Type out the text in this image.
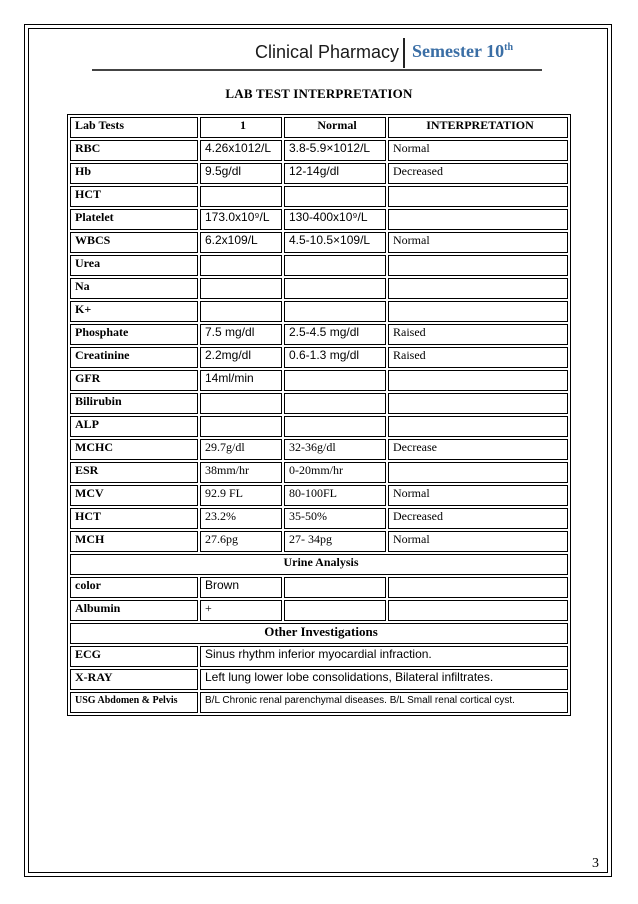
Clinical Pharmacy Semester 10th
LAB TEST INTERPRETATION
Lab Tests	1	Normal	INTERPRETATION
RBC	4.26x1012/L	3.8-5.9×1012/L	Normal
Hb	9.5g/dl	12-14g/dl	Decreased
HCT			
Platelet	173.0x10⁹/L	130-400x10⁹/L	
WBCS	6.2x109/L	4.5-10.5×109/L	Normal
Urea			
Na			
K+			
Phosphate	7.5 mg/dl	2.5-4.5 mg/dl	Raised
Creatinine	2.2mg/dl	0.6-1.3 mg/dl	Raised
GFR	14ml/min		
Bilirubin			
ALP			
MCHC	29.7g/dl	32-36g/dl	Decrease
ESR	38mm/hr	0-20mm/hr	
MCV	92.9 FL	80-100FL	Normal
HCT	23.2%	35-50%	Decreased
MCH	27.6pg	27- 34pg	Normal
Urine Analysis			
color	Brown		
Albumin	+		
Other Investigations			
ECG	Sinus rhythm inferior myocardial infraction.		
X-RAY	Left lung lower lobe consolidations, Bilateral infiltrates.		
USG Abdomen & Pelvis	B/L Chronic renal parenchymal diseases. B/L Small renal cortical cyst.		
3
